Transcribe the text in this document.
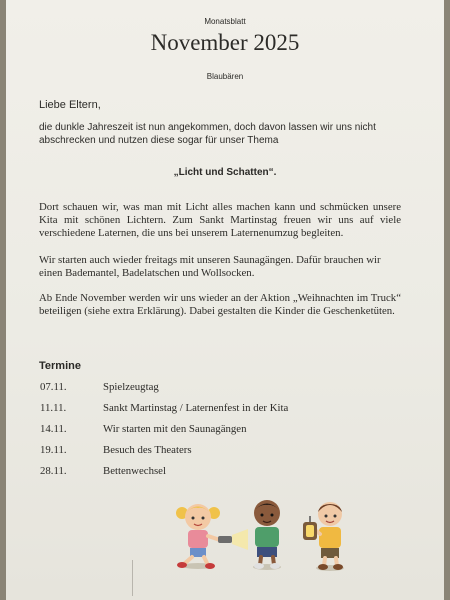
Monatsblatt
November 2025
Blaubären
Liebe Eltern,
die dunkle Jahreszeit ist nun angekommen, doch davon lassen wir uns nicht abschrecken und nutzen diese sogar für unser Thema
„Licht und Schatten“.
Dort schauen wir, was man mit Licht alles machen kann und schmücken unsere Kita mit schönen Lichtern. Zum Sankt Martinstag freuen wir uns auf viele verschiedene Laternen, die uns bei unserem Laternenumzug begleiten.
Wir starten auch wieder freitags mit unseren Saunagängen. Dafür brauchen wir einen Bademantel, Badelatschen und Wollsocken.
Ab Ende November werden wir uns wieder an der Aktion „Weihnachten im Truck“ beteiligen (siehe extra Erklärung). Dabei gestalten die Kinder die Geschenketüten.
Termine
07.11.	Spielzeugtag
11.11.	Sankt Martinstag / Laternenfest in der Kita
14.11.	Wir starten mit den Saunagängen
19.11.	Besuch des Theaters
28.11.	Bettenwechsel
